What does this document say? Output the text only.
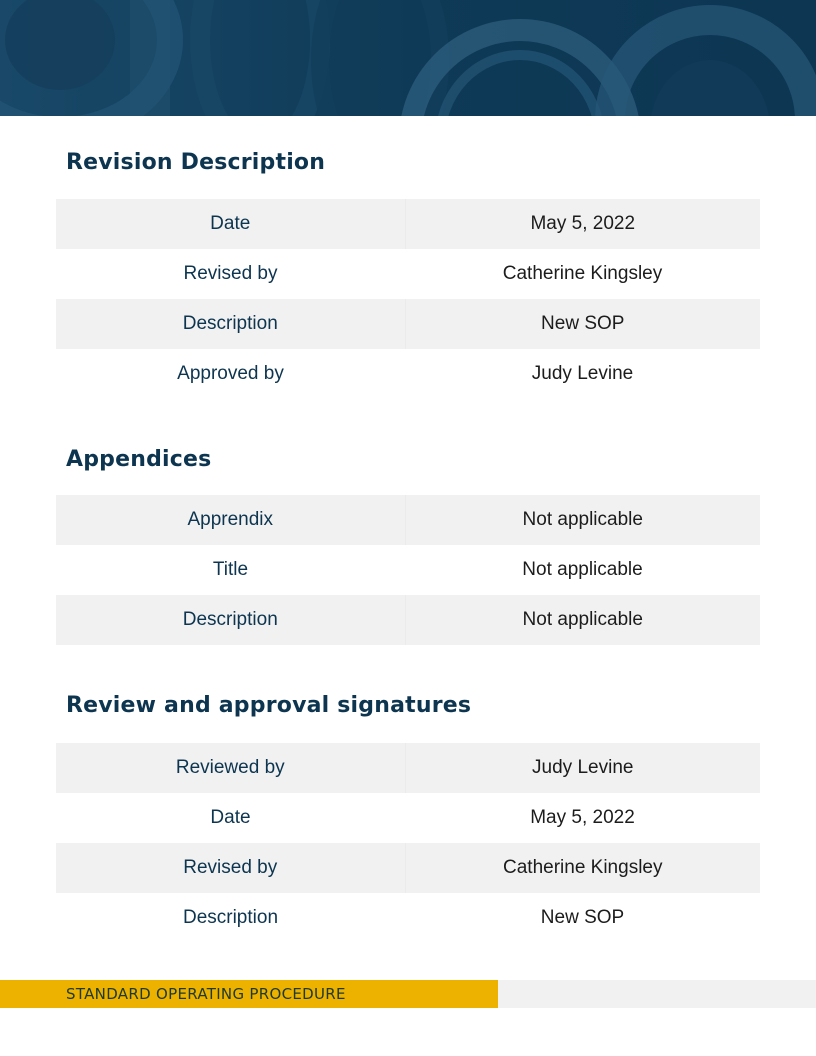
Revision Description
Date	May 5, 2022
Revised by	Catherine Kingsley
Description	New SOP
Approved by	Judy Levine
Appendices
Apprendix	Not applicable
Title	Not applicable
Description	Not applicable
Review and approval signatures
Reviewed by	Judy Levine
Date	May 5, 2022
Revised by	Catherine Kingsley
Description	New SOP
STANDARD OPERATING PROCEDURE
